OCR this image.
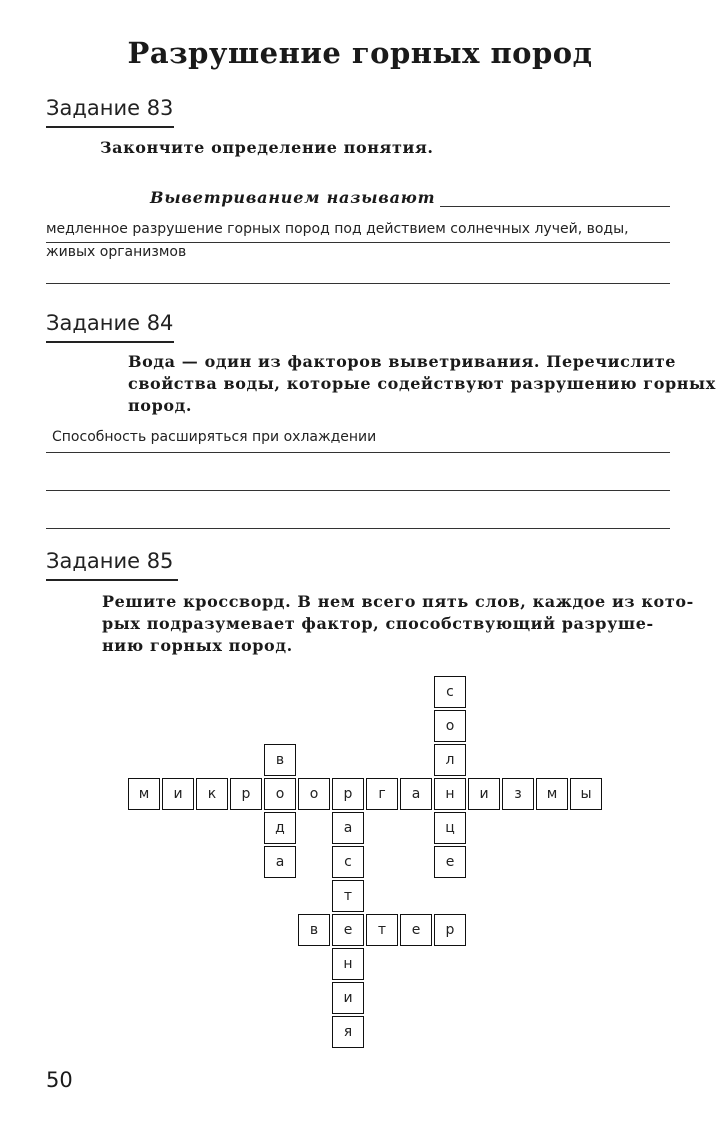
Разрушение горных пород
Задание 83
Закончите определение понятия.
Выветриванием называют
медленное разрушение горных пород под действием солнечных лучей, воды,
живых организмов
Задание 84
Вода — один из факторов выветривания. Перечислите
свойства воды, которые содействуют разрушению горных
пород.
Способность расширяться при охлаждении
Задание 85
Решите кроссворд. В нем всего пять слов, каждое из кото-
рых подразумевает фактор, способствующий разруше-
нию горных пород.
м	и	к	р	о	о	р	г	а	н	и	з	м	ы
с
о
л
ц
е
в
д
а
а
с
т
е
н
и
я
в	т	е	р
50
